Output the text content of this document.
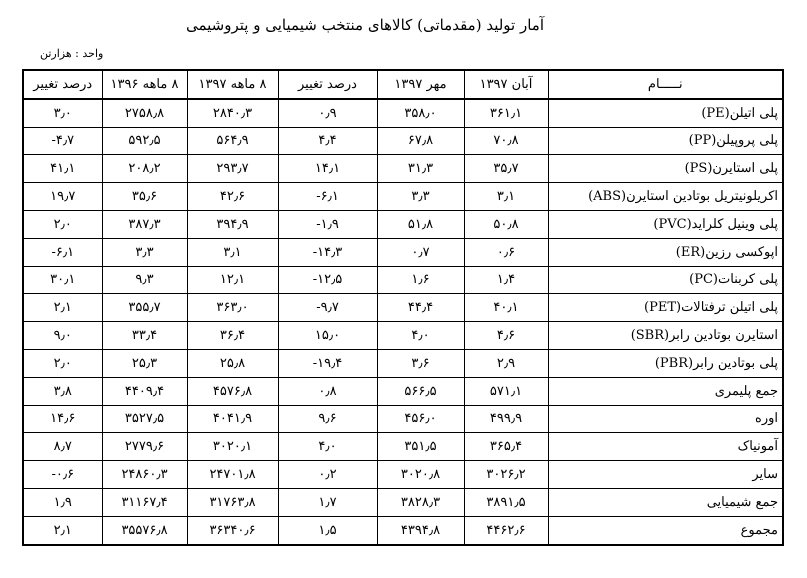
آمار تولید (مقدماتی) کالاهای منتخب شیمیایی و پتروشیمی
واحد : هزارتن
نـــــام	آبان ۱۳۹۷	مهر ۱۳۹۷	درصد تغییر	۸ ماهه ۱۳۹۷	۸ ماهه ۱۳۹۶	درصد تغییر
پلی اتیلن(PE)	۳۶۱٫۱	۳۵۸٫۰	۰٫۹	۲۸۴۰٫۳	۲۷۵۸٫۸	۳٫۰
پلی پروپیلن(PP)	۷۰٫۸	۶۷٫۸	۴٫۴	۵۶۴٫۹	۵۹۲٫۵	-۴٫۷
پلی استایرن(PS)	۳۵٫۷	۳۱٫۳	۱۴٫۱	۲۹۳٫۷	۲۰۸٫۲	۴۱٫۱
اکریلونیتریل بوتادین استایرن(ABS)	۳٫۱	۳٫۳	-۶٫۱	۴۲٫۶	۳۵٫۶	۱۹٫۷
پلی وینیل کلراید(PVC)	۵۰٫۸	۵۱٫۸	-۱٫۹	۳۹۴٫۹	۳۸۷٫۳	۲٫۰
اپوکسی رزین(ER)	۰٫۶	۰٫۷	-۱۴٫۳	۳٫۱	۳٫۳	-۶٫۱
پلی کربنات(PC)	۱٫۴	۱٫۶	-۱۲٫۵	۱۲٫۱	۹٫۳	۳۰٫۱
پلی اتیلن ترفتالات(PET)	۴۰٫۱	۴۴٫۴	-۹٫۷	۳۶۳٫۰	۳۵۵٫۷	۲٫۱
استایرن بوتادین رابر(SBR)	۴٫۶	۴٫۰	۱۵٫۰	۳۶٫۴	۳۳٫۴	۹٫۰
پلی بوتادین رابر(PBR)	۲٫۹	۳٫۶	-۱۹٫۴	۲۵٫۸	۲۵٫۳	۲٫۰
جمع پلیمری	۵۷۱٫۱	۵۶۶٫۵	۰٫۸	۴۵۷۶٫۸	۴۴۰۹٫۴	۳٫۸
اوره	۴۹۹٫۹	۴۵۶٫۰	۹٫۶	۴۰۴۱٫۹	۳۵۲۷٫۵	۱۴٫۶
آمونیاک	۳۶۵٫۴	۳۵۱٫۵	۴٫۰	۳۰۲۰٫۱	۲۷۷۹٫۶	۸٫۷
سایر	۳۰۲۶٫۲	۳۰۲۰٫۸	۰٫۲	۲۴۷۰۱٫۸	۲۴۸۶۰٫۳	-۰٫۶
جمع شیمیایی	۳۸۹۱٫۵	۳۸۲۸٫۳	۱٫۷	۳۱۷۶۳٫۸	۳۱۱۶۷٫۴	۱٫۹
مجموع	۴۴۶۲٫۶	۴۳۹۴٫۸	۱٫۵	۳۶۳۴۰٫۶	۳۵۵۷۶٫۸	۲٫۱
